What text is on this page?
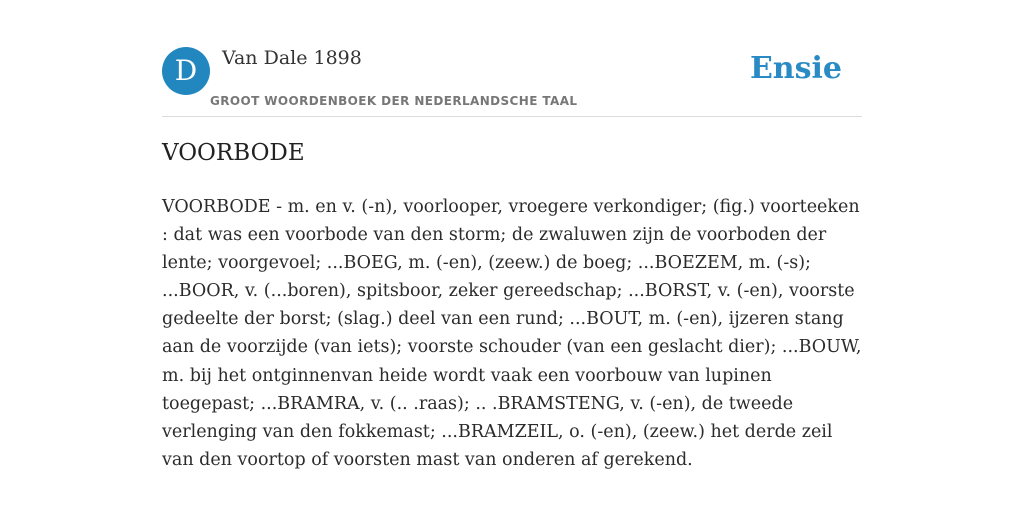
D	Van Dale 1898
GROOT WOORDENBOEK DER NEDERLANDSCHE TAAL
Ensie
VOORBODE

VOORBODE - m. en v. (-n), voorlooper, vroegere verkondiger; (fig.) voorteeken : dat was een voorbode van den storm; de zwaluwen zijn de voorboden der lente; voorgevoel; ...BOEG, m. (-en), (zeew.) de boeg; ...BOEZEM, m. (-s); ...BOOR, v. (...boren), spitsboor, zeker gereedschap; ...BORST, v. (-en), voorste gedeelte der borst; (slag.) deel van een rund; ...BOUT, m. (-en), ijzeren stang aan de voorzijde (van iets); voorste schouder (van een geslacht dier); ...BOUW, m. bij het ontginnenvan heide wordt vaak een voorbouw van lupinen toegepast; ...BRAMRA, v. (.. .raas); .. .BRAMSTENG, v. (-en), de tweede verlenging van den fokkemast; ...BRAMZEIL, o. (-en), (zeew.) het derde zeil van den voortop of voorsten mast van onderen af gerekend.
